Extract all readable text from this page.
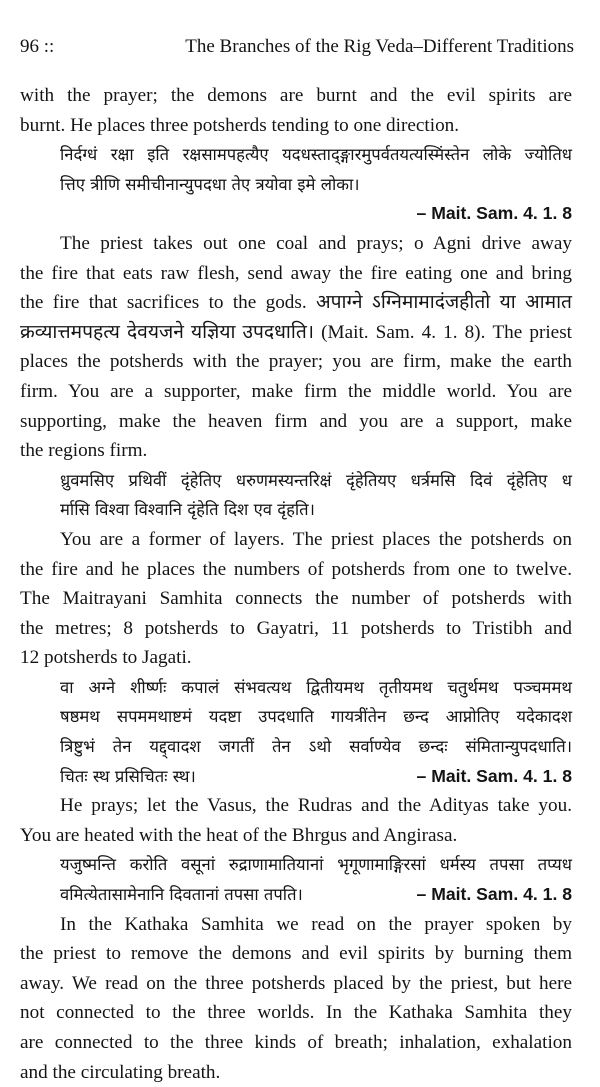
96 ::	The Branches of the Rig Veda–Different Traditions
with the prayer; the demons are burnt and the evil spirits are
burnt. He places three potsherds tending to one direction.
निर्दग्धं रक्षा इति रक्षसामपहत्यैए यदधस्ताद्‌ङ्गारमुपर्वतयत्यस्मिंस्तेन लोके ज्योतिध
त्तिए त्रीणि समीचीनान्युपदधा तेए त्रयोवा इमे लोका।
– Mait. Sam. 4. 1. 8
The priest takes out one coal and prays; o Agni drive away
the fire that eats raw flesh, send away the fire eating one and bring
the fire that sacrifices to the gods. अपाग्ने ऽग्निमामादंजहीतो या आमात
क्रव्यात्तमपहत्य देवयजने यज्ञिया उपदधाति। (Mait. Sam. 4. 1. 8). The priest
places the potsherds with the prayer; you are firm, make the earth
firm. You are a supporter, make firm the middle world. You are
supporting, make the heaven firm and you are a support, make
the regions firm.
ध्रुवमसिए प्रथिवीं दृंहेतिए धरुणमस्यन्तरिक्षं दृंहेतियए धर्त्रमसि दिवं दृंहेतिए ध
र्मासि विश्वा विश्वानि दृंहेति दिश एव दृंहति।
You are a former of layers. The priest places the potsherds on
the fire and he places the numbers of potsherds from one to twelve.
The Maitrayani Samhita connects the number of potsherds with
the metres; 8 potsherds to Gayatri, 11 potsherds to Tristibh and
12 potsherds to Jagati.
वा अग्ने शीर्ष्णः कपालं संभवत्यथ द्वितीयमथ तृतीयमथ चतुर्थमथ पञ्चममथ
षष्ठमथ सपममथाष्टमं यदष्टा उपदधाति गायत्रींतेन छन्द आप्नोतिए यदेकादश
त्रिष्टुभं तेन यद्द्वादश जगतीं तेन ऽथो सर्वाण्येव छन्दः संमितान्युपदधाति।
चितः स्थ प्रसिचितः स्थ।	– Mait. Sam. 4. 1. 8
He prays; let the Vasus, the Rudras and the Adityas take you.
You are heated with the heat of the Bhrgus and Angirasa.
यजुष्मन्ति करोति वसूनां रुद्राणामातियानां भृगूणामाङ्गिरसां धर्मस्य तपसा तप्यध
वमित्येतासामेनानि दिवतानां तपसा तपति।	– Mait. Sam. 4. 1. 8
In the Kathaka Samhita we read on the prayer spoken by
the priest to remove the demons and evil spirits by burning them
away. We read on the three potsherds placed by the priest, but here
not connected to the three worlds. In the Kathaka Samhita they
are connected to the three kinds of breath; inhalation, exhalation
and the circulating breath.
